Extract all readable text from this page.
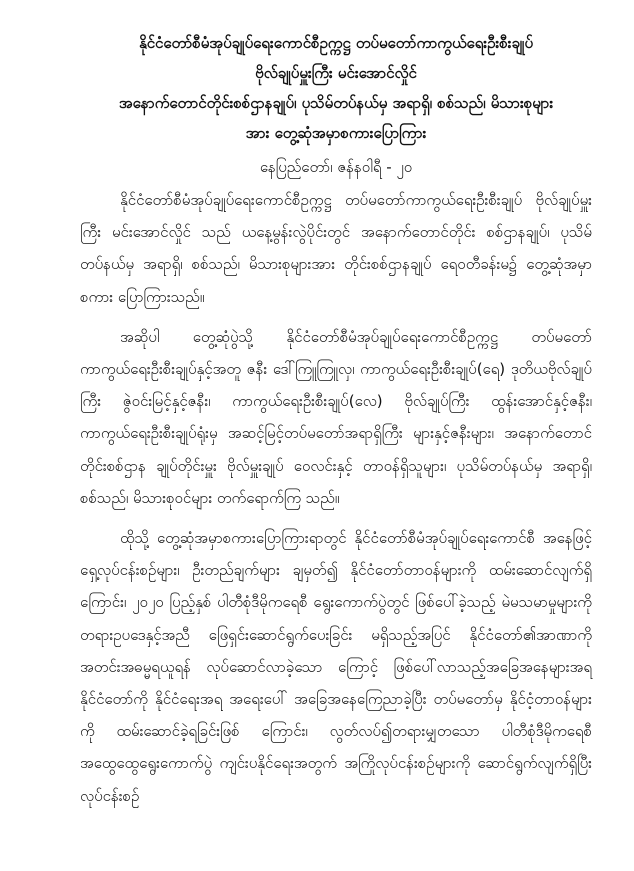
နိုင်ငံတော်စီမံအုပ်ချုပ်ရေးကောင်စီဥက္ကဋ္ဌ တပ်မတော်ကာကွယ်ရေးဦးစီးချုပ်
ဗိုလ်ချုပ်မှူးကြီး မင်းအောင်လှိုင်
အနောက်တောင်တိုင်းစစ်ဌာနချုပ်၊ ပုသိမ်တပ်နယ်မှ အရာရှိ၊ စစ်သည်၊ မိသားစုများ
အား တွေ့ဆုံအမှာစကားပြောကြား
နေပြည်တော်၊ ဇန်နဝါရီ - ၂၀

နိုင်ငံတော်စီမံအုပ်ချုပ်ရေးကောင်စီဥက္ကဋ္ဌ တပ်မတော်ကာကွယ်ရေးဦးစီးချုပ် ဗိုလ်ချုပ်မှူးကြီး မင်းအောင်လှိုင် သည် ယနေ့မွန်းလွဲပိုင်းတွင် အနောက်တောင်တိုင်း စစ်ဌာနချုပ်၊ ပုသိမ်တပ်နယ်မှ အရာရှိ၊ စစ်သည်၊ မိသားစုများအား တိုင်းစစ်ဌာနချုပ် ရေဝတီခန်းမ၌ တွေ့ဆုံအမှာစကား ပြောကြားသည်။

အဆိုပါ တွေ့ဆုံပွဲသို့ နိုင်ငံတော်စီမံအုပ်ချုပ်ရေးကောင်စီဥက္ကဋ္ဌ တပ်မတော် ကာကွယ်ရေးဦးစီးချုပ်နှင့်အတူ ဇနီး ဒေါ်ကြူကြူလှ၊ ကာကွယ်ရေးဦးစီးချုပ်(ရေ) ဒုတိယဗိုလ်ချုပ်ကြီး ဇွဲဝင်းမြင့်နှင့်ဇနီး၊ ကာကွယ်ရေးဦးစီးချုပ်(လေ) ဗိုလ်ချုပ်ကြီး ထွန်းအောင်နှင့်ဇနီး၊ ကာကွယ်ရေးဦးစီးချုပ်ရုံးမှ အဆင့်မြင့်တပ်မတော်အရာရှိကြီး များနှင့်ဇနီးများ၊ အနောက်တောင်တိုင်းစစ်ဌာန ချုပ်တိုင်းမှူး ဗိုလ်မှူးချုပ် ဝေလင်းနှင့် တာဝန်ရှိသူများ၊ ပုသိမ်တပ်နယ်မှ အရာရှိ၊ စစ်သည်၊ မိသားစုဝင်များ တက်ရောက်ကြ သည်။

ထိုသို့ တွေ့ဆုံအမှာစကားပြောကြားရာတွင် နိုင်ငံတော်စီမံအုပ်ချုပ်ရေးကောင်စီ အနေဖြင့် ရှေ့လုပ်ငန်းစဉ်များ၊ ဦးတည်ချက်များ ချမှတ်၍ နိုင်ငံတော်တာဝန်များကို ထမ်းဆောင်လျက်ရှိကြောင်း၊ ၂၀၂၀ ပြည့်နှစ် ပါတီစုံဒီမိုကရေစီ ရွေးကောက်ပွဲတွင် ဖြစ်ပေါ်ခဲ့သည့် မဲမသမာမှုများကို တရားဥပဒေနှင့်အညီ ဖြေရှင်းဆောင်ရွက်ပေးခြင်း မရှိသည့်အပြင် နိုင်ငံတော်၏အာဏာကို အတင်းအဓမ္မရယူရန် လုပ်ဆောင်လာခဲ့သော ကြောင့် ဖြစ်ပေါ်လာသည့်အခြေအနေများအရ နိုင်ငံတော်ကို နိုင်ငံရေးအရ အရေးပေါ် အခြေအနေကြေညာခဲ့ပြီး တပ်မတော်မှ နိုင်ငံ့တာဝန်များကို ထမ်းဆောင်ခဲ့ရခြင်းဖြစ် ကြောင်း၊ လွတ်လပ်၍တရားမျှတသော ပါတီစုံဒီမိုကရေစီ အထွေထွေရွေးကောက်ပွဲ ကျင်းပနိုင်ရေးအတွက် အကြိုလုပ်ငန်းစဉ်များကို ဆောင်ရွက်လျက်ရှိပြီး လုပ်ငန်းစဉ်
